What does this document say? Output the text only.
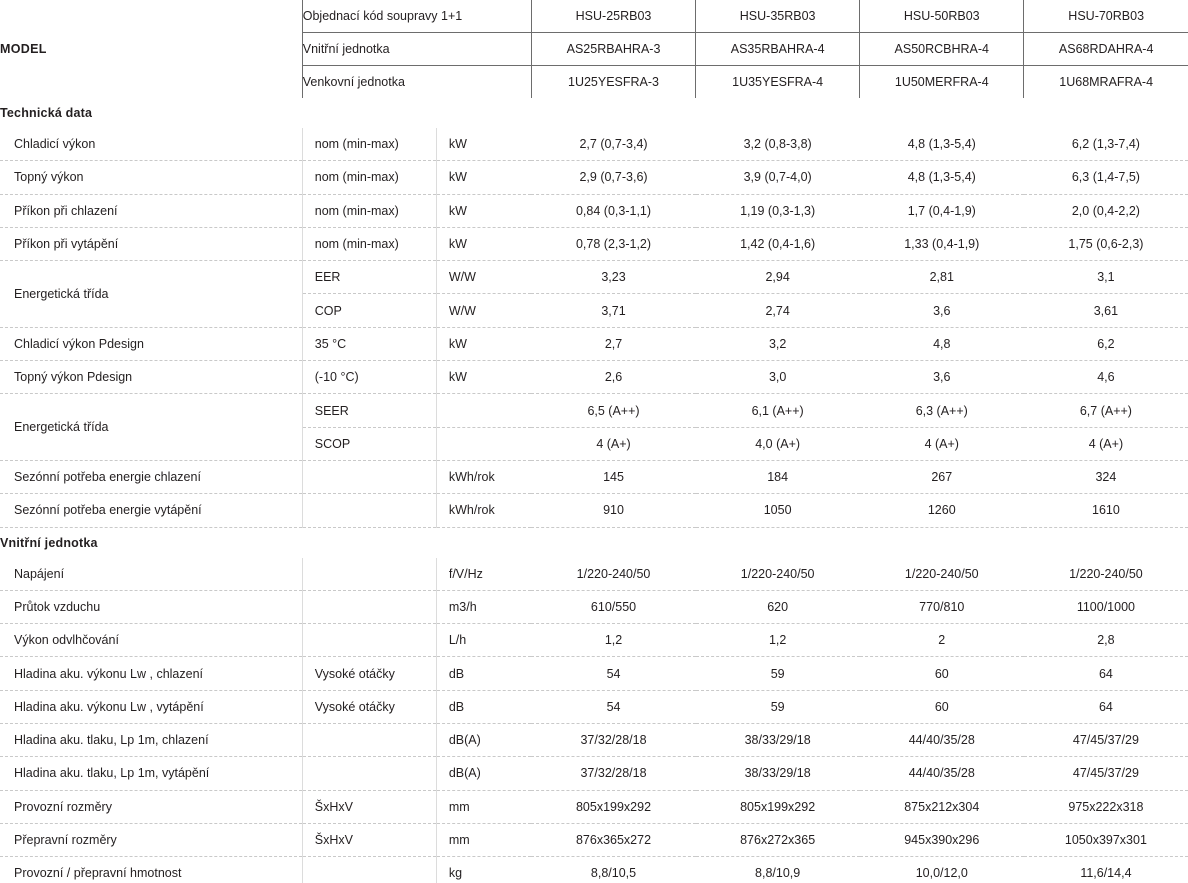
MODEL	Objednací kód soupravy 1+1		HSU-25RB03	HSU-35RB03	HSU-50RB03	HSU-70RB03
	Vnitřní jednotka		AS25RBAHRA-3	AS35RBAHRA-4	AS50RCBHRA-4	AS68RDAHRA-4
	Venkovní jednotka		1U25YESFRA-3	1U35YESFRA-4	1U50MERFRA-4	1U68MRAFRA-4
Technická data						
Chladicí výkon	nom (min-max)	kW	2,7 (0,7-3,4)	3,2 (0,8-3,8)	4,8 (1,3-5,4)	6,2 (1,3-7,4)
Topný výkon	nom (min-max)	kW	2,9 (0,7-3,6)	3,9 (0,7-4,0)	4,8 (1,3-5,4)	6,3 (1,4-7,5)
Příkon při chlazení	nom (min-max)	kW	0,84 (0,3-1,1)	1,19 (0,3-1,3)	1,7 (0,4-1,9)	2,0 (0,4-2,2)
Příkon při vytápění	nom (min-max)	kW	0,78 (2,3-1,2)	1,42 (0,4-1,6)	1,33 (0,4-1,9)	1,75 (0,6-2,3)
Energetická třída	EER	W/W	3,23	2,94	2,81	3,1
	COP	W/W	3,71	2,74	3,6	3,61
Chladicí výkon Pdesign	35 °C	kW	2,7	3,2	4,8	6,2
Topný výkon Pdesign	(-10 °C)	kW	2,6	3,0	3,6	4,6
Energetická třída	SEER		6,5 (A++)	6,1 (A++)	6,3 (A++)	6,7 (A++)
	SCOP		4 (A+)	4,0 (A+)	4 (A+)	4 (A+)
Sezónní potřeba energie chlazení		kWh/rok	145	184	267	324
Sezónní potřeba energie vytápění		kWh/rok	910	1050	1260	1610
Vnitřní jednotka						
Napájení		f/V/Hz	1/220-240/50	1/220-240/50	1/220-240/50	1/220-240/50
Průtok vzduchu		m3/h	610/550	620	770/810	1100/1000
Výkon odvlhčování		L/h	1,2	1,2	2	2,8
Hladina aku. výkonu Lw , chlazení	Vysoké otáčky	dB	54	59	60	64
Hladina aku. výkonu Lw , vytápění	Vysoké otáčky	dB	54	59	60	64
Hladina aku. tlaku, Lp 1m, chlazení		dB(A)	37/32/28/18	38/33/29/18	44/40/35/28	47/45/37/29
Hladina aku. tlaku, Lp 1m, vytápění		dB(A)	37/32/28/18	38/33/29/18	44/40/35/28	47/45/37/29
Provozní rozměry	ŠxHxV	mm	805x199x292	805x199x292	875x212x304	975x222x318
Přepravní rozměry	ŠxHxV	mm	876x365x272	876x272x365	945x390x296	1050x397x301
Provozní / přepravní hmotnost		kg	8,8/10,5	8,8/10,9	10,0/12,0	11,6/14,4
